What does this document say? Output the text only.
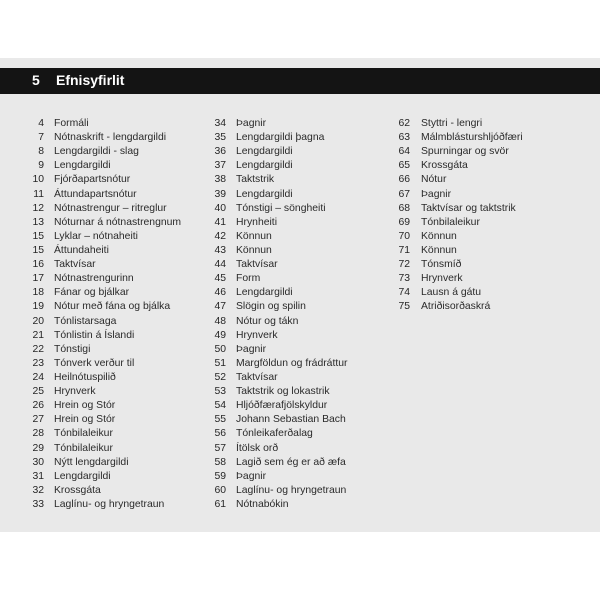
5 Efnisyfirlit
4 Formáli
7 Nótnaskrift - lengdargildi
8 Lengdargildi - slag
9 Lengdargildi
10 Fjórðapartsnótur
11 Áttundapartsnótur
12 Nótnastrengur – ritreglur
13 Nóturnar á nótnastrengnum
15 Lyklar – nótnaheiti
15 Áttundaheiti
16 Taktvísar
17 Nótnastrengurinn
18 Fánar og bjálkar
19 Nótur með fána og bjálka
20 Tónlistarsaga
21 Tónlistin á Íslandi
22 Tónstigi
23 Tónverk verður til
24 Heilnótuspilið
25 Hrynverk
26 Hrein og Stór
27 Hrein og Stór
28 Tónbilaleikur
29 Tónbilaleikur
30 Nýtt lengdargildi
31 Lengdargildi
32 Krossgáta
33 Laglínu- og hryngetraun
34 Þagnir
35 Lengdargildi þagna
36 Lengdargildi
37 Lengdargildi
38 Taktstrik
39 Lengdargildi
40 Tónstigi – söngheiti
41 Hrynheiti
42 Könnun
43 Könnun
44 Taktvísar
45 Form
46 Lengdargildi
47 Slögin og spilin
48 Nótur og tákn
49 Hrynverk
50 Þagnir
51 Margföldun og frádráttur
52 Taktvísar
53 Taktstrik og lokastrik
54 Hljóðfærafjölskyldur
55 Johann Sebastian Bach
56 Tónleikaferðalag
57 Ítölsk orð
58 Lagið sem ég er að æfa
59 Þagnir
60 Laglínu- og hryngetraun
61 Nótnabókin
62 Styttri - lengri
63 Málmblásturshljóðfæri
64 Spurningar og svör
65 Krossgáta
66 Nótur
67 Þagnir
68 Taktvísar og taktstrik
69 Tónbilaleikur
70 Könnun
71 Könnun
72 Tónsmíð
73 Hrynverk
74 Lausn á gátu
75 Atriðisorðaskrá
